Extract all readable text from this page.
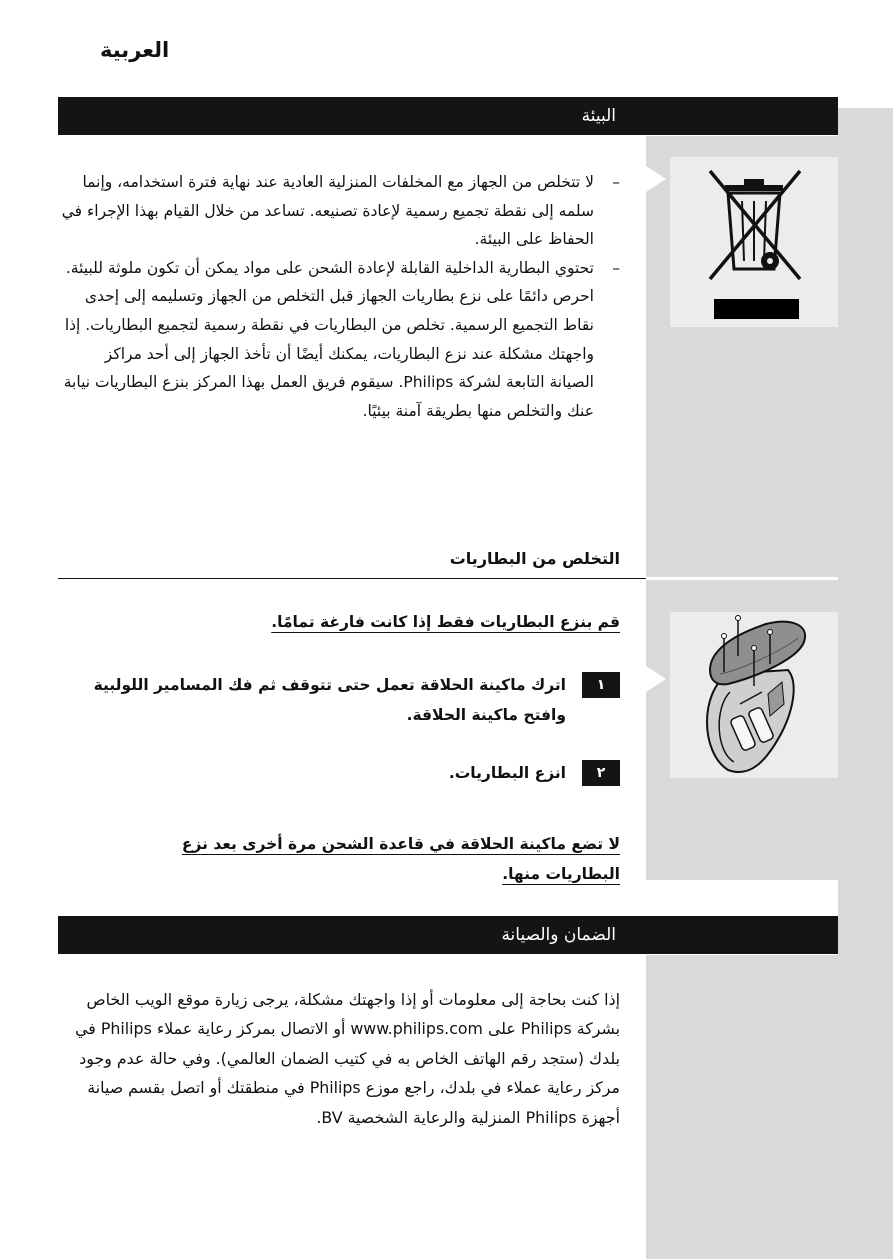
العربية
البيئة
–
لا تتخلص من الجهاز مع المخلفات المنزلية العادية عند نهاية فترة استخدامه، وإنما سلمه إلى نقطة تجميع رسمية لإعادة تصنيعه. تساعد من خلال القيام بهذا الإجراء في الحفاظ على البيئة.
–
تحتوي البطارية الداخلية القابلة لإعادة الشحن على مواد يمكن أن تكون ملوثة للبيئة. احرص دائمًا على نزع بطاريات الجهاز قبل التخلص من الجهاز وتسليمه إلى إحدى نقاط التجميع الرسمية. تخلص من البطاريات في نقطة رسمية لتجميع البطاريات. إذا واجهتك مشكلة عند نزع البطاريات، يمكنك أيضًا أن تأخذ الجهاز إلى أحد مراكز الصيانة التابعة لشركة Philips. سيقوم فريق العمل بهذا المركز بنزع البطاريات نيابة عنك والتخلص منها بطريقة آمنة بيئيًا.
التخلص من البطاريات
قم بنزع البطاريات فقط إذا كانت فارغة تمامًا.
١
اترك ماكينة الحلاقة تعمل حتى تتوقف ثم فك المسامير اللولبية وافتح ماكينة الحلاقة.
٢
انزع البطاريات.
لا تضع ماكينة الحلاقة في قاعدة الشحن مرة أخرى بعد نزع البطاريات منها.
الضمان والصيانة
إذا كنت بحاجة إلى معلومات أو إذا واجهتك مشكلة، يرجى زيارة موقع الويب الخاص بشركة Philips على www.philips.com أو الاتصال بمركز رعاية عملاء Philips في بلدك (ستجد رقم الهاتف الخاص به في كتيب الضمان العالمي). وفي حالة عدم وجود مركز رعاية عملاء في بلدك، راجع موزع Philips في منطقتك أو اتصل بقسم صيانة أجهزة Philips المنزلية والرعاية الشخصية BV.
